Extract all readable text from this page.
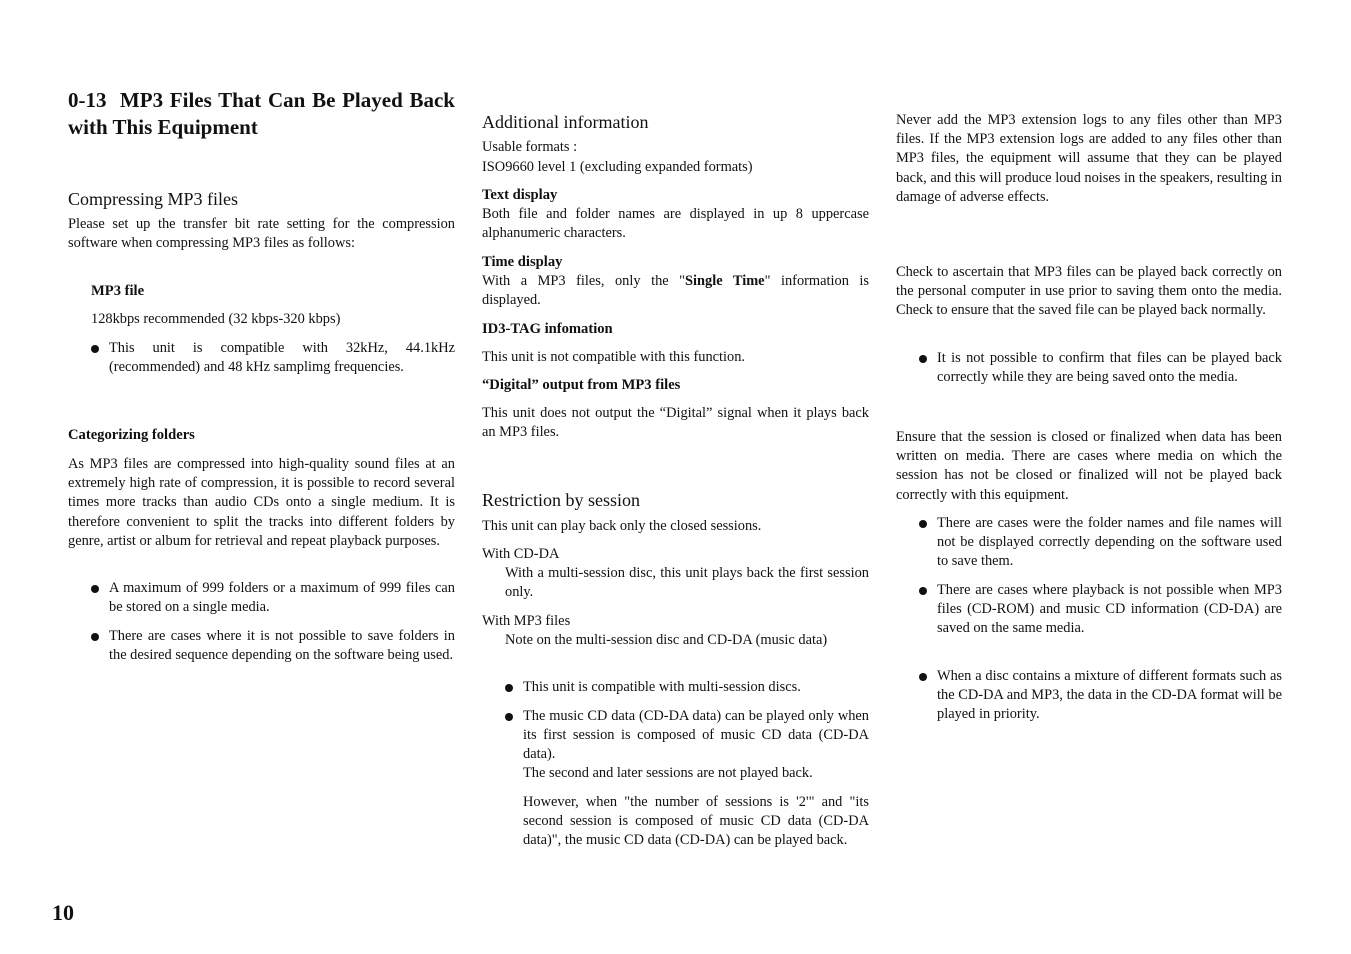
0-13  MP3 Files That Can Be Played Back with This Equipment
Compressing MP3 files
Please set up the transfer bit rate setting for the compression software when compressing MP3 files as follows:
MP3 file
128kbps recommended (32 kbps-320 kbps)
This unit is compatible with 32kHz, 44.1kHz (recommended) and 48 kHz samplimg frequencies.
Categorizing folders
As MP3 files are compressed into high-quality sound files at an extremely high rate of compression, it is possible to record several times more tracks than audio CDs onto a single medium. It is therefore convenient to split the tracks into different folders by genre, artist or album for retrieval and repeat playback purposes.
A maximum of 999 folders or a maximum of 999 files can be stored on a single media.
There are cases where it is not possible to save folders in the desired sequence depending on the software being used.
Additional information
Usable formats :
ISO9660 level 1 (excluding expanded formats)
Text display
Both file and folder names are displayed in up 8 uppercase alphanumeric characters.
Time display
With a MP3 files, only the "Single Time" information is displayed.
ID3-TAG infomation
This unit is not compatible with this function.
“Digital” output from MP3 files
This unit does not output the “Digital” signal when it plays back an MP3 files.
Restriction by session
This unit can play back only the closed sessions.
With CD-DA
With a multi-session disc, this unit plays back the first session only.
With MP3 files
Note on the multi-session disc and CD-DA (music data)
This unit is compatible with multi-session discs.
The music CD data (CD-DA data) can be played only when its first session is composed of music CD data (CD-DA data).
The second and later sessions are not played back.
However, when "the number of sessions is '2'" and "its second session is composed of music CD data (CD-DA data)", the music CD data (CD-DA) can be played back.
Never add the MP3 extension logs to any files other than MP3 files. If the MP3 extension logs are added to any files other than MP3 files, the equipment will assume that they can be played back, and this will produce loud noises in the speakers, resulting in damage of adverse effects.
Check to ascertain that MP3 files can be played back correctly on the personal computer in use prior to saving them onto the media. Check to ensure that the saved file can be played back normally.
It is not possible to confirm that files can be played back correctly while they are being saved onto the media.
Ensure that the session is closed or finalized when data has been written on media. There are cases where media on which the session has not be closed or finalized will not be played back correctly with this equipment.
There are cases were the folder names and file names will not be displayed correctly depending on the software used to save them.
There are cases where playback is not possible when MP3 files (CD-ROM) and music CD information (CD-DA) are saved on the same media.
When a disc contains a mixture of different formats such as the CD-DA and MP3, the data in the CD-DA format will be played in priority.
10
